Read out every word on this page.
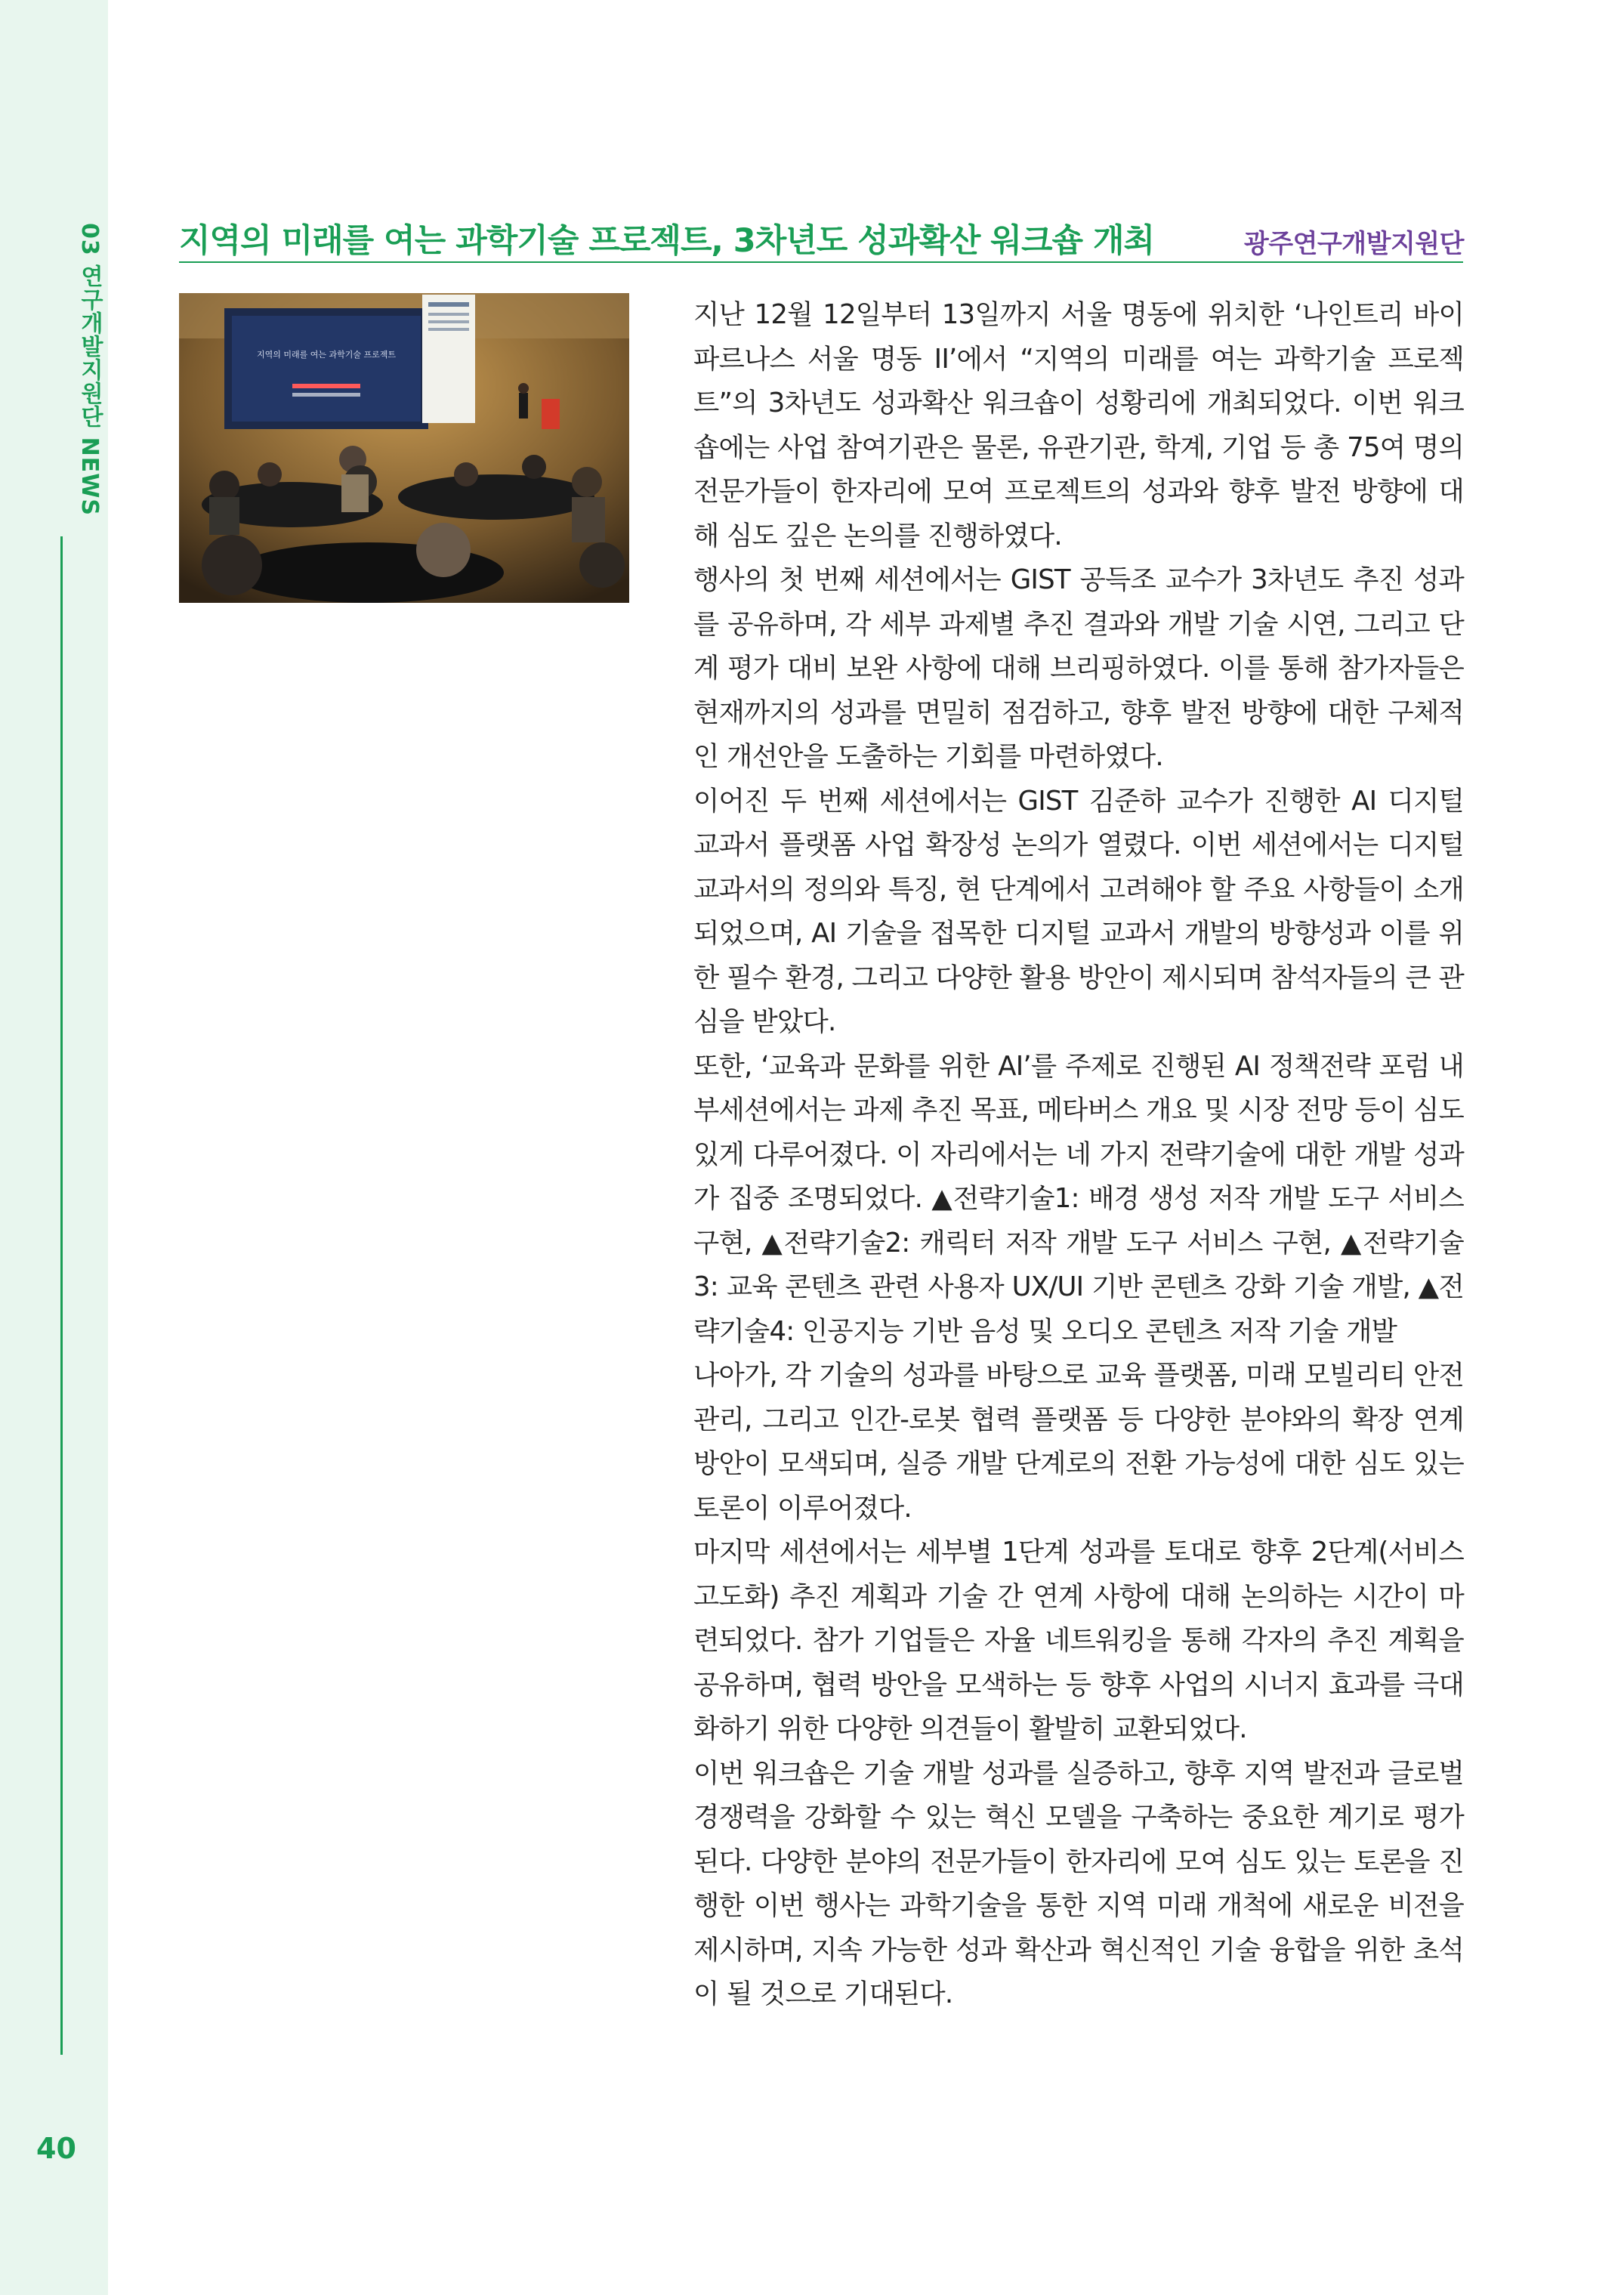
03 연구개발지원단 NEWS
40
지역의 미래를 여는 과학기술 프로젝트, 3차년도 성과확산 워크숍 개최	광주연구개발지원단
지역의 미래를 여는 과학기술 프로젝트

지난 12월 12일부터 13일까지 서울 명동에 위치한 ‘나인트리 바이 파르나스 서울 명동 II’에서 “지역의 미래를 여는 과학기술 프로젝트”의 3차년도 성과확산 워크숍이 성황리에 개최되었다. 이번 워크숍에는 사업 참여기관은 물론, 유관기관, 학계, 기업 등 총 75여 명의 전문가들이 한자리에 모여 프로젝트의 성과와 향후 발전 방향에 대해 심도 깊은 논의를 진행하였다.

행사의 첫 번째 세션에서는 GIST 공득조 교수가 3차년도 추진 성과를 공유하며, 각 세부 과제별 추진 결과와 개발 기술 시연, 그리고 단계 평가 대비 보완 사항에 대해 브리핑하였다. 이를 통해 참가자들은 현재까지의 성과를 면밀히 점검하고, 향후 발전 방향에 대한 구체적인 개선안을 도출하는 기회를 마련하였다.

이어진 두 번째 세션에서는 GIST 김준하 교수가 진행한 AI 디지털 교과서 플랫폼 사업 확장성 논의가 열렸다. 이번 세션에서는 디지털 교과서의 정의와 특징, 현 단계에서 고려해야 할 주요 사항들이 소개되었으며, AI 기술을 접목한 디지털 교과서 개발의 방향성과 이를 위한 필수 환경, 그리고 다양한 활용 방안이 제시되며 참석자들의 큰 관심을 받았다.

또한, ‘교육과 문화를 위한 AI’를 주제로 진행된 AI 정책전략 포럼 내부세션에서는 과제 추진 목표, 메타버스 개요 및 시장 전망 등이 심도 있게 다루어졌다. 이 자리에서는 네 가지 전략기술에 대한 개발 성과가 집중 조명되었다. ▲전략기술1: 배경 생성 저작 개발 도구 서비스 구현, ▲전략기술2: 캐릭터 저작 개발 도구 서비스 구현, ▲전략기술3: 교육 콘텐츠 관련 사용자 UX/UI 기반 콘텐츠 강화 기술 개발, ▲전략기술4: 인공지능 기반 음성 및 오디오 콘텐츠 저작 기술 개발

나아가, 각 기술의 성과를 바탕으로 교육 플랫폼, 미래 모빌리티 안전 관리, 그리고 인간-로봇 협력 플랫폼 등 다양한 분야와의 확장 연계 방안이 모색되며, 실증 개발 단계로의 전환 가능성에 대한 심도 있는 토론이 이루어졌다.

마지막 세션에서는 세부별 1단계 성과를 토대로 향후 2단계(서비스 고도화) 추진 계획과 기술 간 연계 사항에 대해 논의하는 시간이 마련되었다. 참가 기업들은 자율 네트워킹을 통해 각자의 추진 계획을 공유하며, 협력 방안을 모색하는 등 향후 사업의 시너지 효과를 극대화하기 위한 다양한 의견들이 활발히 교환되었다.

이번 워크숍은 기술 개발 성과를 실증하고, 향후 지역 발전과 글로벌 경쟁력을 강화할 수 있는 혁신 모델을 구축하는 중요한 계기로 평가된다. 다양한 분야의 전문가들이 한자리에 모여 심도 있는 토론을 진행한 이번 행사는 과학기술을 통한 지역 미래 개척에 새로운 비전을 제시하며, 지속 가능한 성과 확산과 혁신적인 기술 융합을 위한 초석이 될 것으로 기대된다.
